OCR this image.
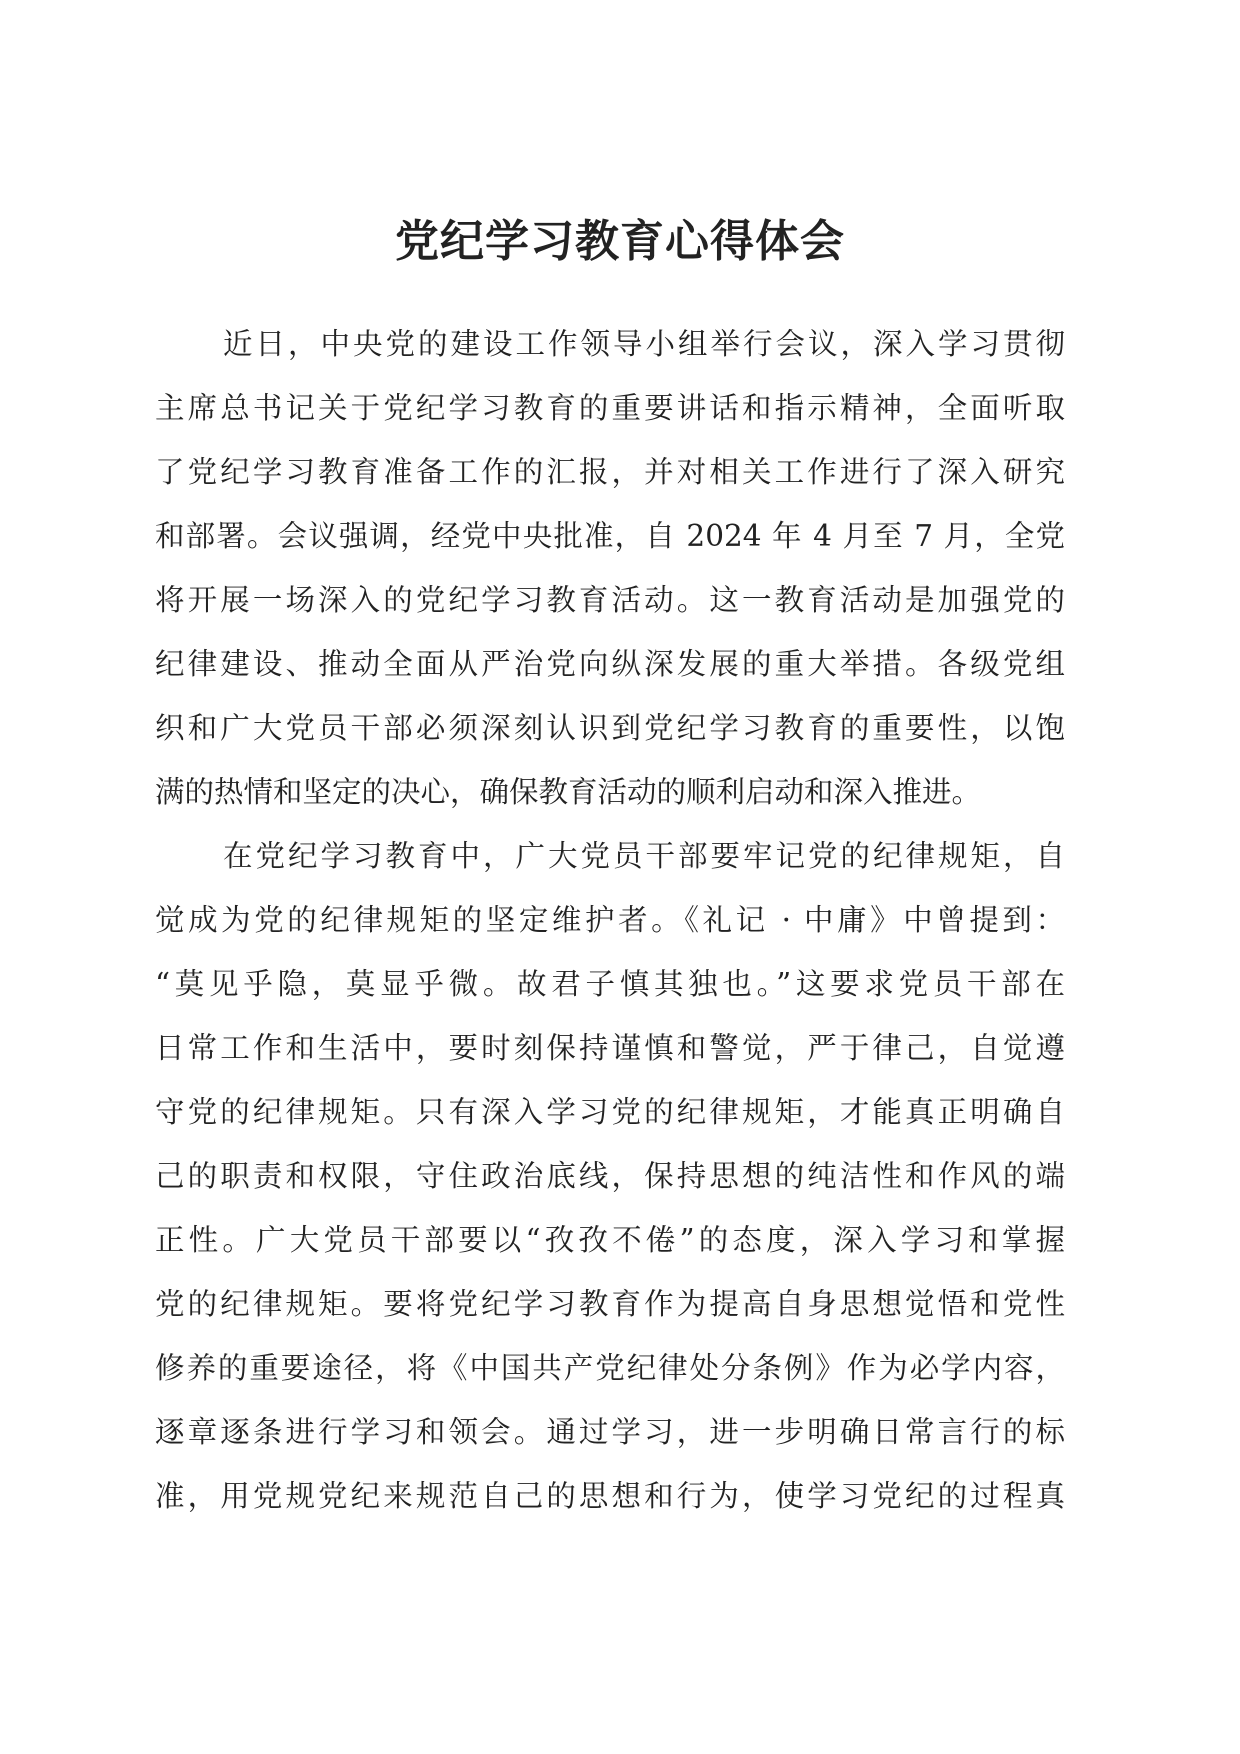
党纪学习教育心得体会
近日，中央党的建设工作领导小组举行会议，深入学习贯彻
主席总书记关于党纪学习教育的重要讲话和指示精神，全面听取
了党纪学习教育准备工作的汇报，并对相关工作进行了深入研究
和部署。会议强调，经党中央批准，自 2024 年 4 月至 7 月，全党
将开展一场深入的党纪学习教育活动。这一教育活动是加强党的
纪律建设、推动全面从严治党向纵深发展的重大举措。各级党组
织和广大党员干部必须深刻认识到党纪学习教育的重要性，以饱
满的热情和坚定的决心，确保教育活动的顺利启动和深入推进。
在党纪学习教育中，广大党员干部要牢记党的纪律规矩，自
觉成为党的纪律规矩的坚定维护者。《礼记 · 中庸》中曾提到：
“莫见乎隐，莫显乎微。故君子慎其独也。”这要求党员干部在
日常工作和生活中，要时刻保持谨慎和警觉，严于律己，自觉遵
守党的纪律规矩。只有深入学习党的纪律规矩，才能真正明确自
己的职责和权限，守住政治底线，保持思想的纯洁性和作风的端
正性。广大党员干部要以“孜孜不倦”的态度，深入学习和掌握
党的纪律规矩。要将党纪学习教育作为提高自身思想觉悟和党性
修养的重要途径，将《中国共产党纪律处分条例》作为必学内容，
逐章逐条进行学习和领会。通过学习，进一步明确日常言行的标
准，用党规党纪来规范自己的思想和行为，使学习党纪的过程真
